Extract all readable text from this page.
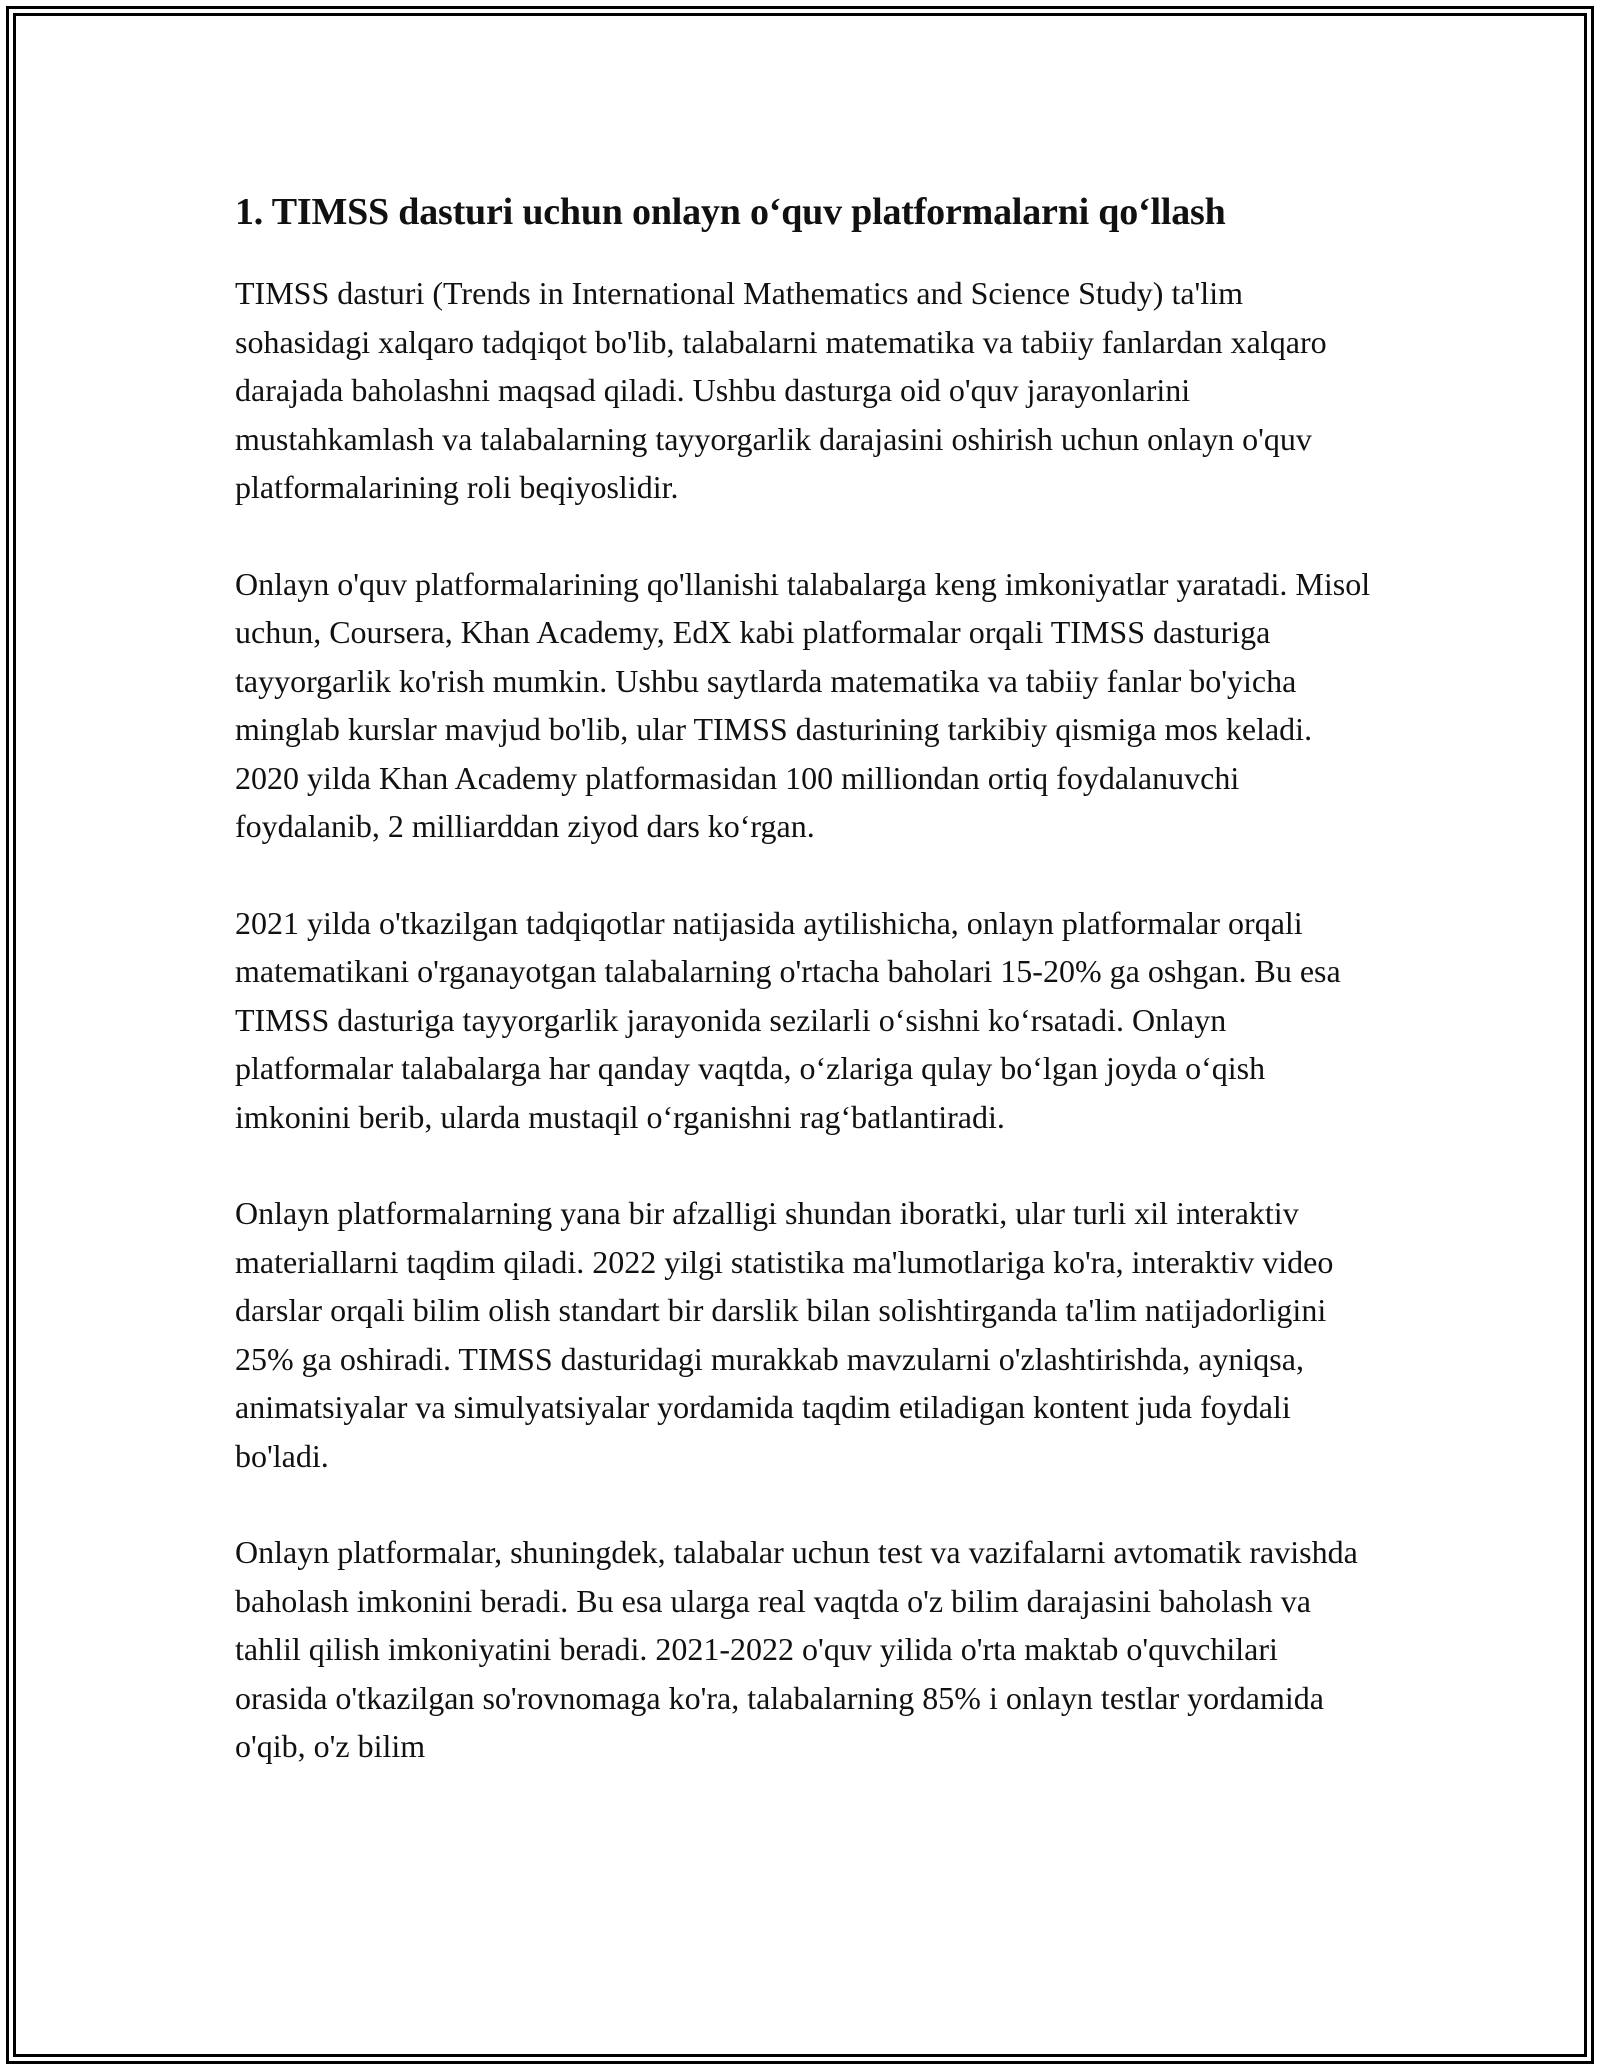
1. TIMSS dasturi uchun onlayn o‘quv platformalarni qo‘llash

TIMSS dasturi (Trends in International Mathematics and Science Study) ta'lim sohasidagi xalqaro tadqiqot bo'lib, talabalarni matematika va tabiiy fanlardan xalqaro darajada baholashni maqsad qiladi. Ushbu dasturga oid o'quv jarayonlarini mustahkamlash va talabalarning tayyorgarlik darajasini oshirish uchun onlayn o'quv platformalarining roli beqiyoslidir.

Onlayn o'quv platformalarining qo'llanishi talabalarga keng imkoniyatlar yaratadi. Misol uchun, Coursera, Khan Academy, EdX kabi platformalar orqali TIMSS dasturiga tayyorgarlik ko'rish mumkin. Ushbu saytlarda matematika va tabiiy fanlar bo'yicha minglab kurslar mavjud bo'lib, ular TIMSS dasturining tarkibiy qismiga mos keladi. 2020 yilda Khan Academy platformasidan 100 milliondan ortiq foydalanuvchi foydalanib, 2 milliarddan ziyod dars ko‘rgan.

2021 yilda o'tkazilgan tadqiqotlar natijasida aytilishicha, onlayn platformalar orqali matematikani o'rganayotgan talabalarning o'rtacha baholari 15-20% ga oshgan. Bu esa TIMSS dasturiga tayyorgarlik jarayonida sezilarli o‘sishni ko‘rsatadi. Onlayn platformalar talabalarga har qanday vaqtda, o‘zlariga qulay bo‘lgan joyda o‘qish imkonini berib, ularda mustaqil o‘rganishni rag‘batlantiradi.

Onlayn platformalarning yana bir afzalligi shundan iboratki, ular turli xil interaktiv materiallarni taqdim qiladi. 2022 yilgi statistika ma'lumotlariga ko'ra, interaktiv video darslar orqali bilim olish standart bir darslik bilan solishtirganda ta'lim natijadorligini 25% ga oshiradi. TIMSS dasturidagi murakkab mavzularni o'zlashtirishda, ayniqsa, animatsiyalar va simulyatsiyalar yordamida taqdim etiladigan kontent juda foydali bo'ladi.

Onlayn platformalar, shuningdek, talabalar uchun test va vazifalarni avtomatik ravishda baholash imkonini beradi. Bu esa ularga real vaqtda o'z bilim darajasini baholash va tahlil qilish imkoniyatini beradi. 2021-2022 o'quv yilida o'rta maktab o'quvchilari orasida o'tkazilgan so'rovnomaga ko'ra, talabalarning 85% i onlayn testlar yordamida o'qib, o'z bilim
